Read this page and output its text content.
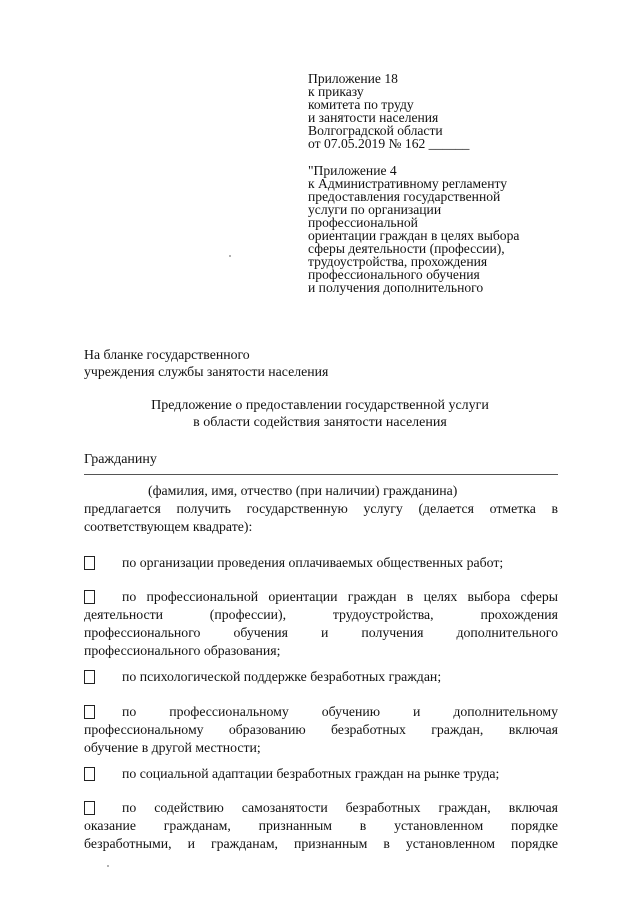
Приложение 18
к приказу
комитета по труду
и занятости населения
Волгоградской области
от 07.05.2019 № 162 ______
"Приложение 4
к Административному регламенту
предоставления государственной
услуги по организации
профессиональной
ориентации граждан в целях выбора
сферы деятельности (профессии),
трудоустройства, прохождения
профессионального обучения
и получения дополнительного
На бланке государственного
учреждения службы занятости населения
Предложение о предоставлении государственной услуги
в области содействия занятости населения
Гражданину
(фамилия, имя, отчество (при наличии) гражданина)
предлагается получить государственную услугу (делается отметка в
соответствующем квадрате):
по организации проведения оплачиваемых общественных работ;
по профессиональной ориентации граждан в целях выбора сферы
деятельности (профессии), трудоустройства, прохождения
профессионального обучения и получения дополнительного
профессионального образования;
по психологической поддержке безработных граждан;
по профессиональному обучению и дополнительному
профессиональному образованию безработных граждан, включая
обучение в другой местности;
по социальной адаптации безработных граждан на рынке труда;
по содействию самозанятости безработных граждан, включая
оказание гражданам, признанным в установленном порядке
безработными, и гражданам, признанным в установленном порядке
